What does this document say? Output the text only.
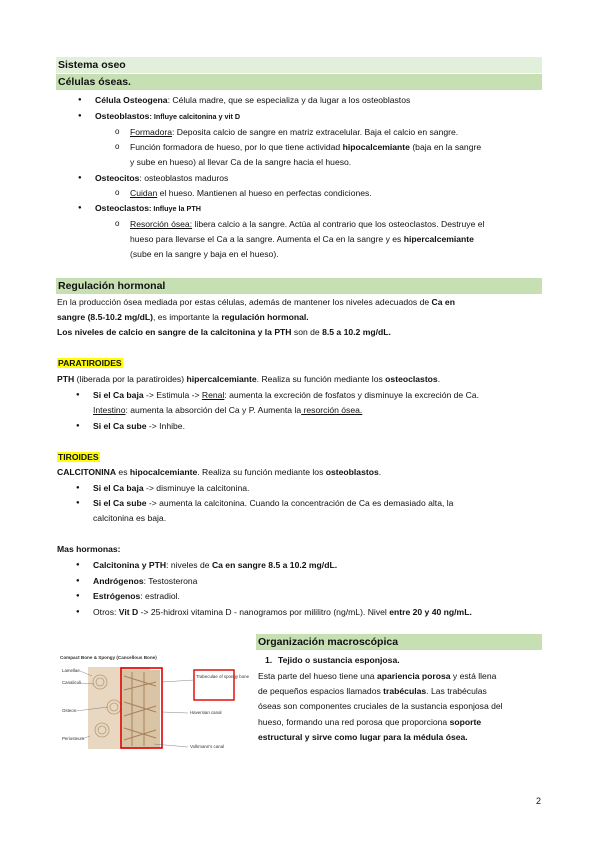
Sistema oseo
Células óseas.
● Célula Osteogena: Célula madre, que se especializa y da lugar a los osteoblastos
● Osteoblastos: Influye calcitonina y vit D
o Formadora: Deposita calcio de sangre en matriz extracelular. Baja el calcio en sangre.
o Función formadora de hueso, por lo que tiene actividad hipocalcemiante (baja en la sangre
y sube en hueso) al llevar Ca de la sangre hacia el hueso.
● Osteocitos: osteoblastos maduros
o Cuidan el hueso. Mantienen al hueso en perfectas condiciones.
● Osteoclastos: Influye la PTH
o Resorción ósea: libera calcio a la sangre. Actúa al contrario que los osteoclastos. Destruye el
hueso para llevarse el Ca a la sangre. Aumenta el Ca en la sangre y es hipercalcemiante
(sube en la sangre y baja en el hueso).
Regulación hormonal
En la producción ósea mediada por estas células, además de mantener los niveles adecuados de Ca en
sangre (8.5-10.2 mg/dL), es importante la regulación hormonal.
Los niveles de calcio en sangre de la calcitonina y la PTH son de 8.5 a 10.2 mg/dL.
PARATIROIDES
PTH (liberada por la paratiroides) hipercalcemiante. Realiza su función mediante los osteoclastos.
● Si el Ca baja -> Estimula -> Renal: aumenta la excreción de fosfatos y disminuye la excreción de Ca.
Intestino: aumenta la absorción del Ca y P. Aumenta la resorción ósea.
● Si el Ca sube -> Inhibe.
TIROIDES
CALCITONINA es hipocalcemiante. Realiza su función mediante los osteoblastos.
● Si el Ca baja -> disminuye la calcitonina.
● Si el Ca sube -> aumenta la calcitonina. Cuando la concentración de Ca es demasiado alta, la
calcitonina es baja.
Mas hormonas:
● Calcitonina y PTH: niveles de Ca en sangre 8.5 a 10.2 mg/dL.
● Andrógenos: Testosterona
● Estrógenos: estradiol.
● Otros: Vit D -> 25-hidroxi vitamina D - nanogramos por mililitro (ng/mL). Nivel entre 20 y 40 ng/mL.
Compact Bone & Spongy (Cancellous Bone)
Lamellae
Canaliculi
Osteon
Periosteum
Trabeculae of spongy bone
Haversian canal
Volkmann's canal
Organización macroscópica
1. Tejido o sustancia esponjosa.
Esta parte del hueso tiene una apariencia porosa y está llena
de pequeños espacios llamados trabéculas. Las trabéculas
óseas son componentes cruciales de la sustancia esponjosa del
hueso, formando una red porosa que proporciona soporte
estructural y sirve como lugar para la médula ósea.
2
